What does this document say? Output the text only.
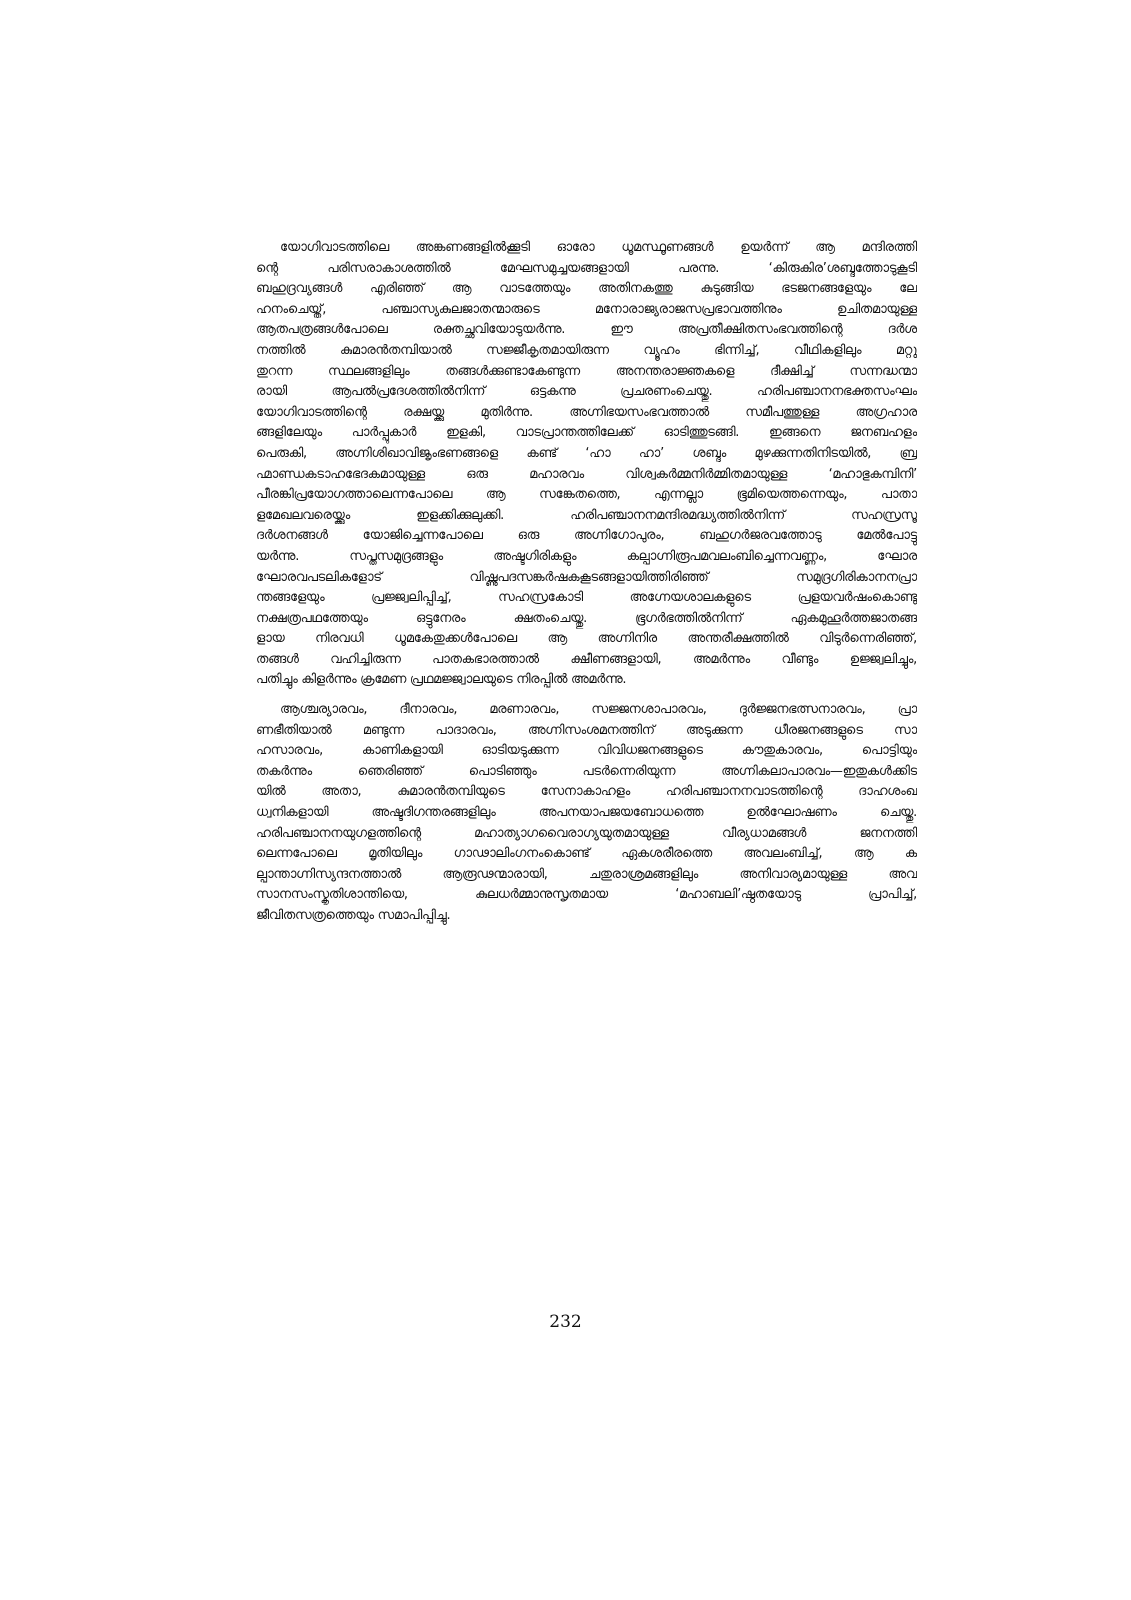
യോഗിവാടത്തിലെ അങ്കണങ്ങളിൽക്കൂടി ഓരോ ധൂമസ്ഥൂണങ്ങൾ ഉയർന്ന് ആ മന്ദിരത്തി
ന്റെ പരിസരാകാശത്തിൽ മേഘസമുച്ചയങ്ങളായി പരന്നു. ‘കിരുകിര’ശബ്ദത്തോടുകൂടി
ബഹുദ്രവ്യങ്ങൾ എരിഞ്ഞ് ആ വാടത്തേയും അതിനകത്തു കുടുങ്ങിയ ഭടജനങ്ങളേയും ലേ
ഹനംചെയ്ത്, പഞ്ചാസ്യകുലജാതന്മാരുടെ മനോരാജ്യരാജസപ്രഭാവത്തിനും ഉചിതമായുള്ള
ആതപത്രങ്ങൾപോലെ രക്തച്ഛവിയോടുയർന്നു. ഈ അപ്രതീക്ഷിതസംഭവത്തിന്റെ ദർശ
നത്തിൽ കുമാരൻതമ്പിയാൽ സജ്ജീകൃതമായിരുന്ന വ്യൂഹം ഭിന്നിച്ച്, വീഥികളിലും മറ്റു
തുറന്ന സ്ഥലങ്ങളിലും തങ്ങൾക്കുണ്ടാകേണ്ടുന്ന അനന്തരാജ്ഞകളെ ദീക്ഷിച്ച് സന്നദ്ധന്മാ
രായി ആപൽപ്രദേശത്തിൽനിന്ന് ഒട്ടകന്നു പ്രചരണംചെയ്തു. ഹരിപഞ്ചാനനഭക്തസംഘം
യോഗിവാടത്തിന്റെ രക്ഷയ്ക്കു മുതിർന്നു. അഗ്നിഭയസംഭവത്താൽ സമീപത്തുള്ള അഗ്രഹാര
ങ്ങളിലേയും പാർപ്പുകാർ ഇളകി, വാടപ്രാന്തത്തിലേക്ക് ഓടിത്തുടങ്ങി. ഇങ്ങനെ ജനബഹളം
പെരുകി, അഗ്നിശിഖാവിജൃംഭണങ്ങളെ കണ്ട് ‘ഹാ ഹാ’ ശബ്ദം മുഴക്കുന്നതിനിടയിൽ, ബ്ര
ഹ്മാണ്ഡകടാഹഭേദകമായുള്ള ഒരു മഹാരവം വിശ്വകർമ്മനിർമ്മിതമായുള്ള ‘മഹാഭുകമ്പിനി’
പീരങ്കിപ്രയോഗത്താലെന്നപോലെ ആ സങ്കേതത്തെ, എന്നല്ലാ ഭൂമിയെത്തന്നെയും, പാതാ
ളമേഖലവരെയ്ക്കും ഇളക്കിക്കുലുക്കി. ഹരിപഞ്ചാനനമന്ദിരമദ്ധ്യത്തിൽനിന്ന് സഹസ്രസൂ
ദർശനങ്ങൾ യോജിച്ചെന്നപോലെ ഒരു അഗ്നിഗോപുരം, ബഹുഗർജരവത്തോടു മേൽപോട്ടു
യർന്നു. സപ്തസമുദ്രങ്ങളും അഷ്ടഗിരികളും കല്പാഗ്നിരൂപമവലംബിച്ചെന്നവണ്ണം, ഘോര
ഘോരവപടലികളോട് വിഷ്ണുപദസങ്കർഷകകൂടങ്ങളായിത്തിരിഞ്ഞ് സമുദ്രഗിരികാനനപ്രാ
ന്തങ്ങളേയും പ്രജ്ജ്വലിപ്പിച്ച്, സഹസ്രകോടി അഗ്നേയശാലകളുടെ പ്രളയവർഷംകൊണ്ടു
നക്ഷത്രപഥത്തേയും ഒട്ടുനേരം ക്ഷതംചെയ്തു. ഭൂഗർഭത്തിൽനിന്ന് ഏകമുഹൂർത്തജാതങ്ങ
ളായ നിരവധി ധൂമകേതുക്കൾപോലെ ആ അഗ്നിനിര അന്തരീക്ഷത്തിൽ വിടുർന്നെരിഞ്ഞ്,
തങ്ങൾ വഹിച്ചിരുന്ന പാതകഭാരത്താൽ ക്ഷീണങ്ങളായി, അമർന്നും വീണ്ടും ഉജ്ജ്വലിച്ചും,
പതിച്ചും കിളർന്നും ക്രമേണ പ്രഥമജ്ജ്വാലയുടെ നിരപ്പിൽ അമർന്നു.
ആശ്ചര്യാരവം, ദീനാരവം, മരണാരവം, സജ്ജനശാപാരവം, ദുർജ്ജനഭത്സനാരവം, പ്രാ
ണഭീതിയാൽ മണ്ടുന്ന പാദാരവം, അഗ്നിസംശമനത്തിന് അടുക്കുന്ന ധീരജനങ്ങളുടെ സാ
ഹസാരവം, കാണികളായി ഓടിയടുക്കുന്ന വിവിധജനങ്ങളുടെ കൗതുകാരവം, പൊട്ടിയും
തകർന്നും ഞെരിഞ്ഞ് പൊടിഞ്ഞും പടർന്നെരിയുന്ന അഗ്നികലാപാരവം—ഇതുകൾക്കിട
യിൽ അതാ, കുമാരൻതമ്പിയുടെ സേനാകാഹളം ഹരിപഞ്ചാനനവാടത്തിന്റെ ദാഹശംഖ
ധ്വനികളായി അഷ്ടദിഗന്തരങ്ങളിലും അപനയാപജയബോധത്തെ ഉൽഘോഷണം ചെയ്തു.
ഹരിപഞ്ചാനനയുഗളത്തിന്റെ മഹാത്യാഗവൈരാഗ്യയുതമായുള്ള വീര്യധാമങ്ങൾ ജനനത്തി
ലെന്നപോലെ മൃതിയിലും ഗാഢാലിംഗനംകൊണ്ട് ഏകശരീരത്തെ അവലംബിച്ച്, ആ ക
ല്പാന്താഗ്നിസ്യന്ദനത്താൽ ആരൂഢന്മാരായി, ചതുരാശ്രമങ്ങളിലും അനിവാര്യമായുള്ള അവ
സാനസംസ്കൃതിശാന്തിയെ, കുലധർമ്മാനുസൃതമായ ‘മഹാബലി’ഷ്ഠതയോടു പ്രാപിച്ച്,
ജീവിതസത്രത്തെയും സമാപിപ്പിച്ചു.
232
